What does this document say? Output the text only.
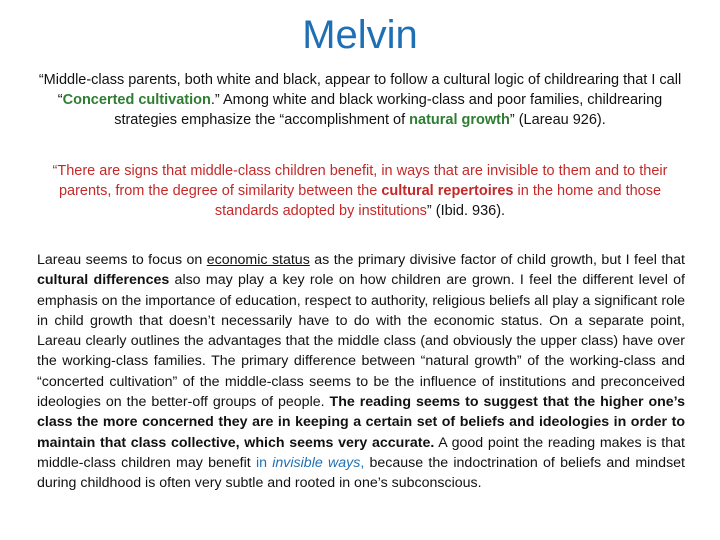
Melvin
“Middle-class parents, both white and black, appear to follow a cultural logic of childrearing that I call “Concerted cultivation.” Among white and black working-class and poor families, childrearing strategies emphasize the “accomplishment of natural growth” (Lareau 926).
“There are signs that middle-class children benefit, in ways that are invisible to them and to their parents, from the degree of similarity between the cultural repertoires in the home and those standards adopted by institutions” (Ibid. 936).
Lareau seems to focus on economic status as the primary divisive factor of child growth, but I feel that cultural differences also may play a key role on how children are grown. I feel the different level of emphasis on the importance of education, respect to authority, religious beliefs all play a significant role in child growth that doesn’t necessarily have to do with the economic status. On a separate point, Lareau clearly outlines the advantages that the middle class (and obviously the upper class) have over the working-class families. The primary difference between “natural growth” of the working-class and “concerted cultivation” of the middle-class seems to be the influence of institutions and preconceived ideologies on the better-off groups of people. The reading seems to suggest that the higher one’s class the more concerned they are in keeping a certain set of beliefs and ideologies in order to maintain that class collective, which seems very accurate. A good point the reading makes is that middle-class children may benefit in invisible ways, because the indoctrination of beliefs and mindset during childhood is often very subtle and rooted in one’s subconscious.
